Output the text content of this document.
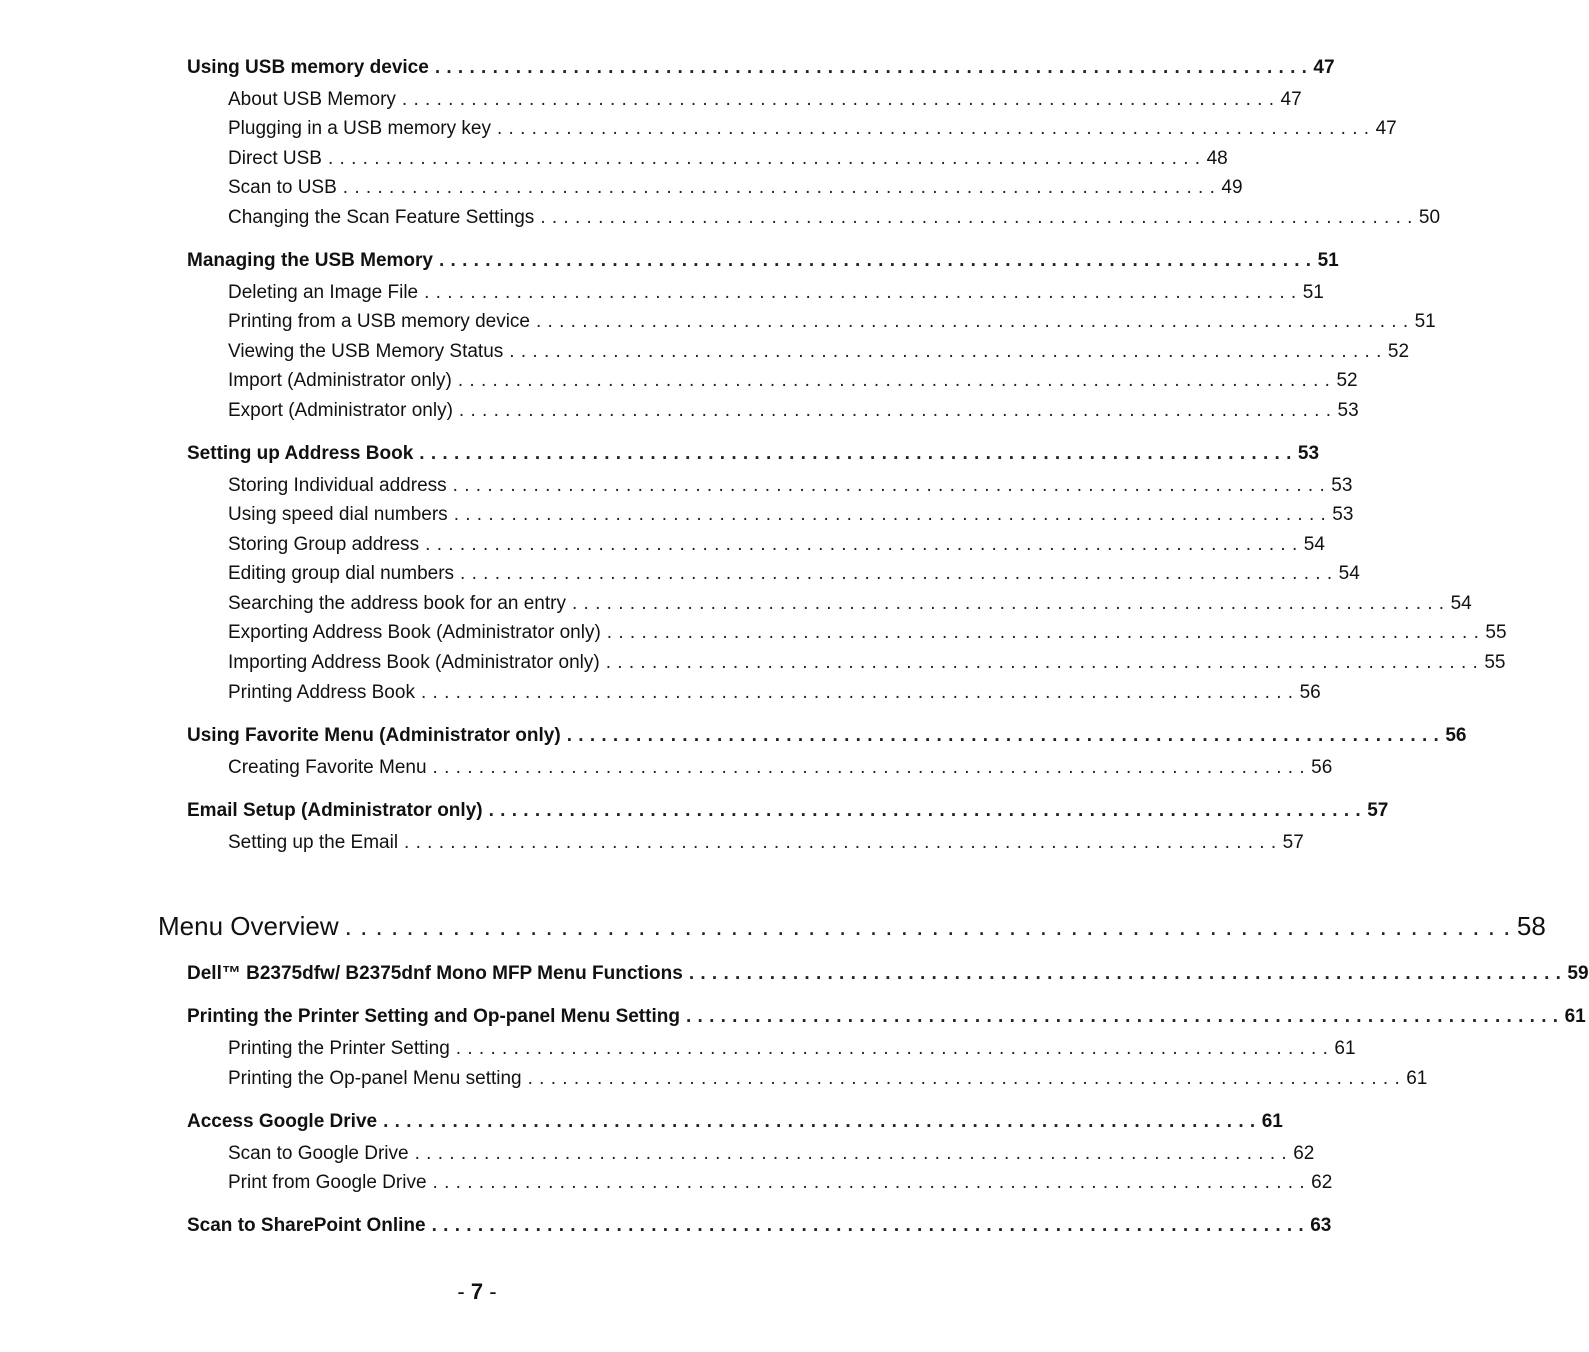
Using USB memory device . . . . . . . . . . . . . . . . . . . . . . . . . . . . . . . . . . . . . . . . . . . . . . . . . . . . . . . . . . . . . . . . . . . . . . . . . . . . 47
About USB Memory . . . . . . . . . . . . . . . . . . . . . . . . . . . . . . . . . . . . . . . . . . . . . . . . . . . . . . . . . . . . . . . . . . . . . . . . . . . . 47
Plugging in a USB memory key . . . . . . . . . . . . . . . . . . . . . . . . . . . . . . . . . . . . . . . . . . . . . . . . . . . . . . . . . . . . . . . . . . . . . . . . . . . . 47
Direct USB . . . . . . . . . . . . . . . . . . . . . . . . . . . . . . . . . . . . . . . . . . . . . . . . . . . . . . . . . . . . . . . . . . . . . . . . . . . . 48
Scan to USB . . . . . . . . . . . . . . . . . . . . . . . . . . . . . . . . . . . . . . . . . . . . . . . . . . . . . . . . . . . . . . . . . . . . . . . . . . . . 49
Changing the Scan Feature Settings . . . . . . . . . . . . . . . . . . . . . . . . . . . . . . . . . . . . . . . . . . . . . . . . . . . . . . . . . . . . . . . . . . . . . . . . . . . . 50
Managing the USB Memory . . . . . . . . . . . . . . . . . . . . . . . . . . . . . . . . . . . . . . . . . . . . . . . . . . . . . . . . . . . . . . . . . . . . . . . . . . . . 51
Deleting an Image File . . . . . . . . . . . . . . . . . . . . . . . . . . . . . . . . . . . . . . . . . . . . . . . . . . . . . . . . . . . . . . . . . . . . . . . . . . . . 51
Printing from a USB memory device . . . . . . . . . . . . . . . . . . . . . . . . . . . . . . . . . . . . . . . . . . . . . . . . . . . . . . . . . . . . . . . . . . . . . . . . . . . . 51
Viewing the USB Memory Status . . . . . . . . . . . . . . . . . . . . . . . . . . . . . . . . . . . . . . . . . . . . . . . . . . . . . . . . . . . . . . . . . . . . . . . . . . . . 52
Import (Administrator only) . . . . . . . . . . . . . . . . . . . . . . . . . . . . . . . . . . . . . . . . . . . . . . . . . . . . . . . . . . . . . . . . . . . . . . . . . . . . 52
Export (Administrator only) . . . . . . . . . . . . . . . . . . . . . . . . . . . . . . . . . . . . . . . . . . . . . . . . . . . . . . . . . . . . . . . . . . . . . . . . . . . . 53
Setting up Address Book . . . . . . . . . . . . . . . . . . . . . . . . . . . . . . . . . . . . . . . . . . . . . . . . . . . . . . . . . . . . . . . . . . . . . . . . . . . . 53
Storing Individual address . . . . . . . . . . . . . . . . . . . . . . . . . . . . . . . . . . . . . . . . . . . . . . . . . . . . . . . . . . . . . . . . . . . . . . . . . . . . 53
Using speed dial numbers . . . . . . . . . . . . . . . . . . . . . . . . . . . . . . . . . . . . . . . . . . . . . . . . . . . . . . . . . . . . . . . . . . . . . . . . . . . . 53
Storing Group address . . . . . . . . . . . . . . . . . . . . . . . . . . . . . . . . . . . . . . . . . . . . . . . . . . . . . . . . . . . . . . . . . . . . . . . . . . . . 54
Editing group dial numbers . . . . . . . . . . . . . . . . . . . . . . . . . . . . . . . . . . . . . . . . . . . . . . . . . . . . . . . . . . . . . . . . . . . . . . . . . . . . 54
Searching the address book for an entry . . . . . . . . . . . . . . . . . . . . . . . . . . . . . . . . . . . . . . . . . . . . . . . . . . . . . . . . . . . . . . . . . . . . . . . . . . . . 54
Exporting Address Book (Administrator only) . . . . . . . . . . . . . . . . . . . . . . . . . . . . . . . . . . . . . . . . . . . . . . . . . . . . . . . . . . . . . . . . . . . . . . . . . . . . 55
Importing Address Book (Administrator only) . . . . . . . . . . . . . . . . . . . . . . . . . . . . . . . . . . . . . . . . . . . . . . . . . . . . . . . . . . . . . . . . . . . . . . . . . . . . 55
Printing Address Book . . . . . . . . . . . . . . . . . . . . . . . . . . . . . . . . . . . . . . . . . . . . . . . . . . . . . . . . . . . . . . . . . . . . . . . . . . . . 56
Using Favorite Menu (Administrator only) . . . . . . . . . . . . . . . . . . . . . . . . . . . . . . . . . . . . . . . . . . . . . . . . . . . . . . . . . . . . . . . . . . . . . . . . . . . . 56
Creating Favorite Menu . . . . . . . . . . . . . . . . . . . . . . . . . . . . . . . . . . . . . . . . . . . . . . . . . . . . . . . . . . . . . . . . . . . . . . . . . . . . 56
Email Setup (Administrator only) . . . . . . . . . . . . . . . . . . . . . . . . . . . . . . . . . . . . . . . . . . . . . . . . . . . . . . . . . . . . . . . . . . . . . . . . . . . . 57
Setting up the Email . . . . . . . . . . . . . . . . . . . . . . . . . . . . . . . . . . . . . . . . . . . . . . . . . . . . . . . . . . . . . . . . . . . . . . . . . . . . 57
Menu Overview . . . . . . . . . . . . . . . . . . . . . . . . . . . . . . . . . . . . . . . . . . . . . . . . . . . . . . . . . . . . . . . . . . . . . . . . . . . . 58
Dell™ B2375dfw/ B2375dnf Mono MFP Menu Functions . . . . . . . . . . . . . . . . . . . . . . . . . . . . . . . . . . . . . . . . . . . . . . . . . . . . . . . . . . . . . . . . . . . . . . . . . . . . 59
Printing the Printer Setting and Op-panel Menu Setting . . . . . . . . . . . . . . . . . . . . . . . . . . . . . . . . . . . . . . . . . . . . . . . . . . . . . . . . . . . . . . . . . . . . . . . . . . . . 61
Printing the Printer Setting . . . . . . . . . . . . . . . . . . . . . . . . . . . . . . . . . . . . . . . . . . . . . . . . . . . . . . . . . . . . . . . . . . . . . . . . . . . . 61
Printing the Op-panel Menu setting . . . . . . . . . . . . . . . . . . . . . . . . . . . . . . . . . . . . . . . . . . . . . . . . . . . . . . . . . . . . . . . . . . . . . . . . . . . . 61
Access Google Drive . . . . . . . . . . . . . . . . . . . . . . . . . . . . . . . . . . . . . . . . . . . . . . . . . . . . . . . . . . . . . . . . . . . . . . . . . . . . 61
Scan to Google Drive . . . . . . . . . . . . . . . . . . . . . . . . . . . . . . . . . . . . . . . . . . . . . . . . . . . . . . . . . . . . . . . . . . . . . . . . . . . . 62
Print from Google Drive . . . . . . . . . . . . . . . . . . . . . . . . . . . . . . . . . . . . . . . . . . . . . . . . . . . . . . . . . . . . . . . . . . . . . . . . . . . . 62
Scan to SharePoint Online . . . . . . . . . . . . . . . . . . . . . . . . . . . . . . . . . . . . . . . . . . . . . . . . . . . . . . . . . . . . . . . . . . . . . . . . . . . . 63
- 7 -
